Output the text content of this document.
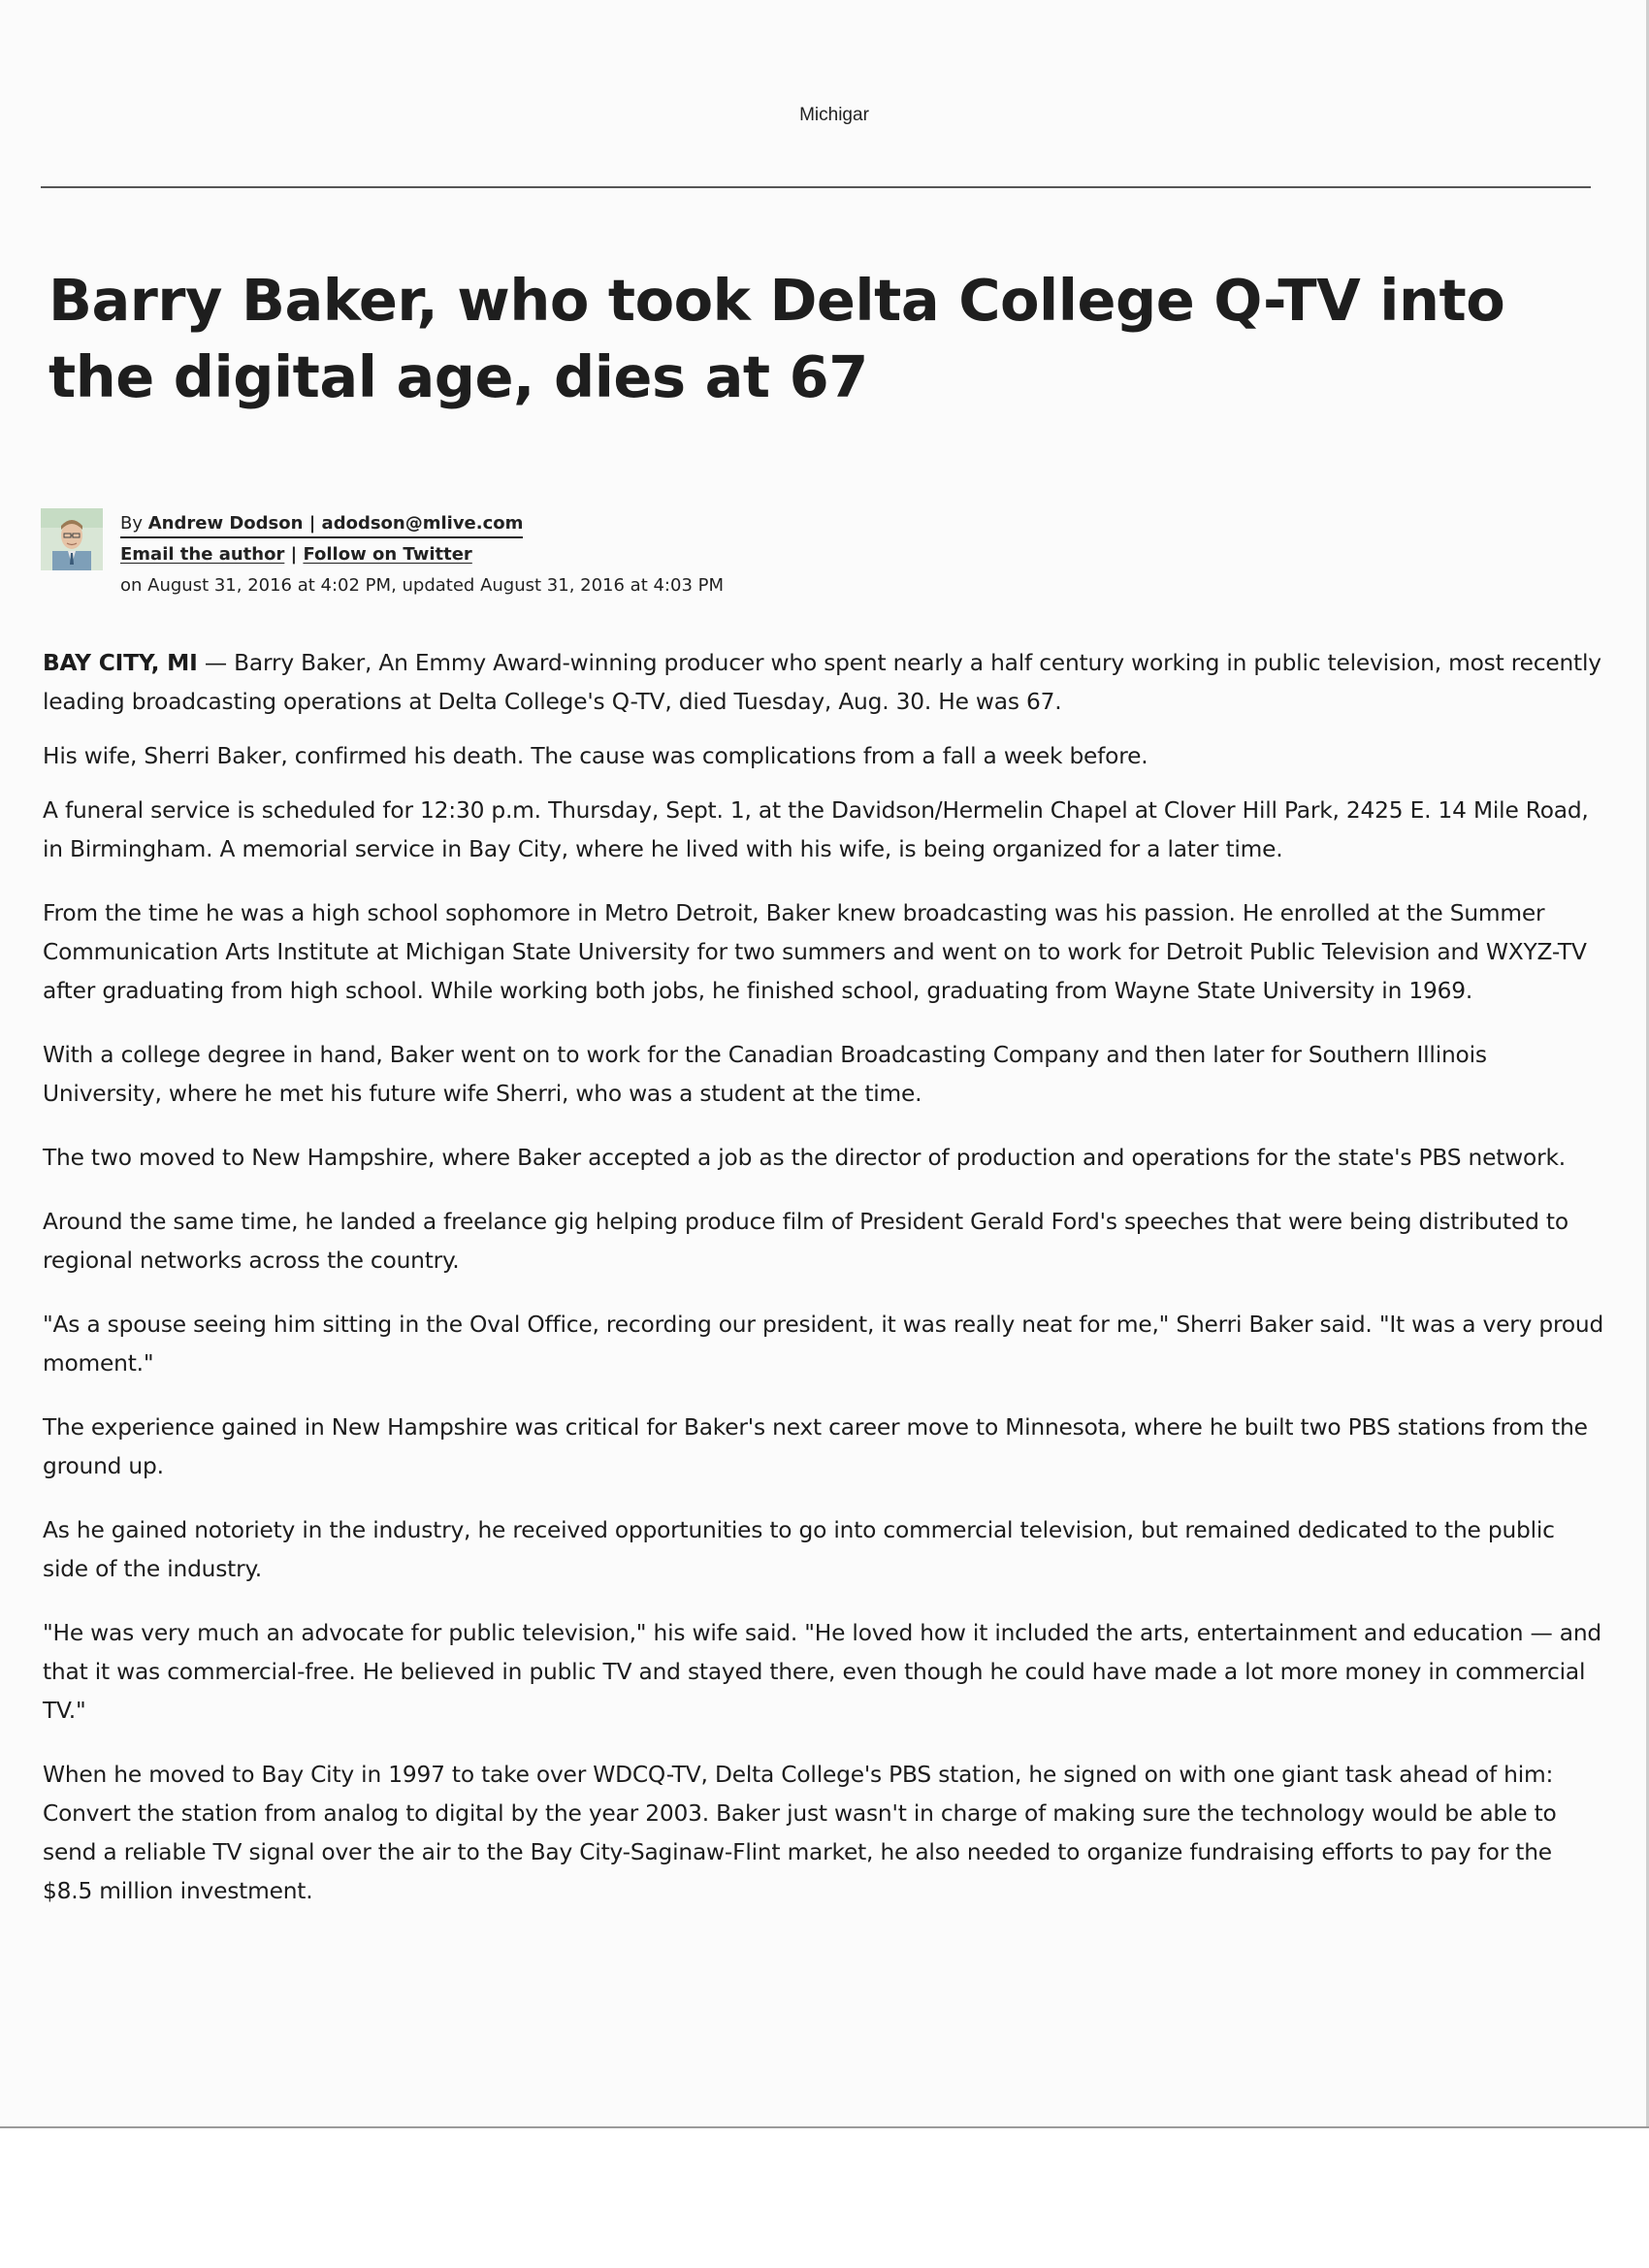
Michigar
Barry Baker, who took Delta College Q-TV into the digital age, dies at 67
By Andrew Dodson | adodson@mlive.com
Email the author | Follow on Twitter
on August 31, 2016 at 4:02 PM, updated August 31, 2016 at 4:03 PM

BAY CITY, MI — Barry Baker, An Emmy Award-winning producer who spent nearly a half century working in public television, most recently leading broadcasting operations at Delta College's Q-TV, died Tuesday, Aug. 30. He was 67.

His wife, Sherri Baker, confirmed his death. The cause was complications from a fall a week before.

A funeral service is scheduled for 12:30 p.m. Thursday, Sept. 1, at the Davidson/Hermelin Chapel at Clover Hill Park, 2425 E. 14 Mile Road, in Birmingham. A memorial service in Bay City, where he lived with his wife, is being organized for a later time.

From the time he was a high school sophomore in Metro Detroit, Baker knew broadcasting was his passion. He enrolled at the Summer Communication Arts Institute at Michigan State University for two summers and went on to work for Detroit Public Television and WXYZ-TV after graduating from high school. While working both jobs, he finished school, graduating from Wayne State University in 1969.

With a college degree in hand, Baker went on to work for the Canadian Broadcasting Company and then later for Southern Illinois University, where he met his future wife Sherri, who was a student at the time.

The two moved to New Hampshire, where Baker accepted a job as the director of production and operations for the state's PBS network.

Around the same time, he landed a freelance gig helping produce film of President Gerald Ford's speeches that were being distributed to regional networks across the country.

"As a spouse seeing him sitting in the Oval Office, recording our president, it was really neat for me," Sherri Baker said. "It was a very proud moment."

The experience gained in New Hampshire was critical for Baker's next career move to Minnesota, where he built two PBS stations from the ground up.

As he gained notoriety in the industry, he received opportunities to go into commercial television, but remained dedicated to the public side of the industry.

"He was very much an advocate for public television," his wife said. "He loved how it included the arts, entertainment and education — and that it was commercial-free. He believed in public TV and stayed there, even though he could have made a lot more money in commercial TV."

When he moved to Bay City in 1997 to take over WDCQ-TV, Delta College's PBS station, he signed on with one giant task ahead of him: Convert the station from analog to digital by the year 2003. Baker just wasn't in charge of making sure the technology would be able to send a reliable TV signal over the air to the Bay City-Saginaw-Flint market, he also needed to organize fundraising efforts to pay for the $8.5 million investment.
